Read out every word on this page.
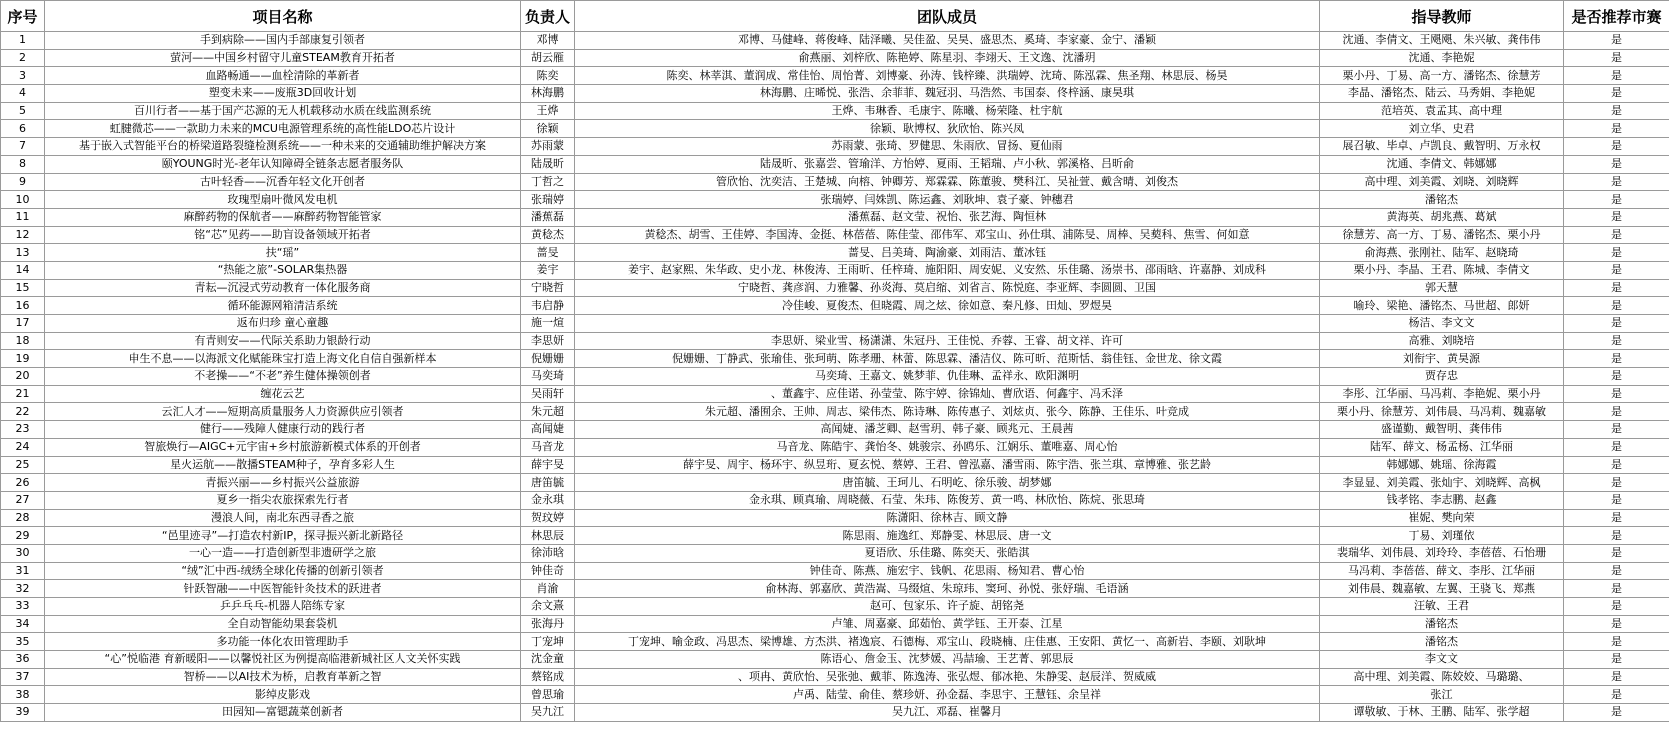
序号	项目名称	负责人	团队成员	指导教师	是否推荐市赛
1	手到病除——国内手部康复引领者	邓博	邓博、马健峰、蒋俊峰、陆泽曦、吴佳盈、吴昊、盛思杰、奚琦、李家豪、金宁、潘颖	沈通、李倩文、王飓飓、朱兴敏、龚伟伟	是
2	萤河——中国乡村留守儿童STEAM教育开拓者	胡云雁	俞燕丽、刘梓欣、陈艳婷、陈星羽、李翊天、王文逸、沈潘玥	沈通、李艳妮	是
3	血路畅通——血栓清除的革新者	陈奕	陈奕、林莘淇、董润成、常佳怡、周怡菁、刘博豪、孙涛、钱梓臻、洪瑞婷、沈琦、陈泓霖、焦圣翔、林思辰、杨昊	栗小丹、丁易、高一方、潘铭杰、徐慧芳	是
4	塑变未来——废瓶3D回收计划	林海鹏	林海鹏、庄晞悦、张浩、余菲菲、魏冠羽、马浩然、韦国泰、佟梓涵、康昊琪	李晶、潘铭杰、陆云、马秀娟、李艳妮	是
5	百川行者——基于国产芯源的无人机载移动水质在线监测系统	王烨	王烨、韦琳香、毛康宇、陈曦、杨荣隆、杜宇航	范培英、袁孟其、高中理	是
6	虹腱微芯——一款助力未来的MCU电源管理系统的高性能LDO芯片设计	徐颖	徐颖、耿博权、狄欣怡、陈兴凤	刘立华、史君	是
7	基于嵌入式智能平台的桥梁道路裂缝检测系统——一种未来的交通辅助维护解决方案	苏雨蒙	苏雨蒙、张琦、罗健思、朱雨欣、冒扬、夏仙雨	展召敏、毕卓、卢凯良、戴智明、万永权	是
8	颐YOUNG时光-老年认知障碍全链条志愿者服务队	陆晟昕	陆晟昕、张嘉尝、管瑜洋、方怡婷、夏雨、王韬瑞、卢小秋、郭溪格、吕昕俞	沈通、李倩文、韩娜娜	是
9	古叶轻香——沉香年轻文化开创者	丁哲之	管欣怡、沈奕洁、王楚城、向榕、钟卿芳、郑霖霖、陈董骏、樊科江、吴祉萱、戴含晴、刘俊杰	高中理、刘美霞、刘晓、刘晓辉	是
10	玫瑰型扇叶微风发电机	张瑞婷	张瑞婷、闫姝凯、陈运鑫、刘耿坤、袁子豪、钟穗君	潘铭杰	是
11	麻醉药物的保航者——麻醉药物智能管家	潘蕉磊	潘蕉磊、赵文莹、祝怡、张艺海、陶恒林	黄海英、胡兆燕、葛斌	是
12	铭“芯”见药——助盲设备领域开拓者	黄稔杰	黄稔杰、胡雪、王佳婷、李国涛、金挺、林蓓蓓、陈佳莹、邵伟军、邓宝山、孙仕琪、浦陈旻、周棒、吴葜科、焦雪、何如意	徐慧芳、高一方、丁易、潘铭杰、栗小丹	是
13	扶“瑶”	蔷旻	蔷旻、吕美琦、陶渝豪、刘雨洁、董冰钰	俞海燕、张刚社、陆军、赵晓琦	是
14	“热能之旅”-SOLAR集热器	姜宇	姜宇、赵家熙、朱华政、史小龙、林俊涛、王雨昕、任梓琦、施阳阳、周安妮、义安然、乐佳璐、汤崇书、邵雨晗、许嘉静、刘成科	栗小丹、李晶、王君、陈城、李倩文	是
15	青耘—沉浸式劳动教育一体化服务商	宁晓哲	宁晓哲、龚彦润、力雅馨、孙炎海、莫启缩、刘省言、陈悦庭、李亚辉、李圆圆、卫国	郭天慧	是
16	循环能源网箱清洁系统	韦启静	冷佳峻、夏俊杰、但晓霞、周之炫、徐如意、秦凡修、田灿、罗煜昊	喻玲、梁艳、潘铭杰、马世超、郎妍	是
17	返布归珍 童心童趣	施一煊		杨洁、李文文	是
18	有青则安——代际关系助力银龄行动	李思妍	李思妍、梁业雪、杨潇潇、朱冠丹、王佳悦、乔蓉、王睿、胡文祥、许可	高雅、刘晓培	是
19	申生不息——以海派文化赋能珠宝打造上海文化自信自强新样本	倪姗姗	倪姗姗、丁静武、张瑜佳、张珂萌、陈孝珊、林蕾、陈思霖、潘洁仪、陈可昕、范斯恬、翁佳钰、金世龙、徐文霞	刘衔宇、黄昊源	是
20	不老操——“不老”养生健体操领创者	马奕琦	马奕琦、王嘉文、姚梦菲、仇佳琳、孟祥永、欧阳渊明	贾存忠	是
21	缠花云艺	吴雨轩	、董鑫宇、应佳诺、孙莹莹、陈宇婷、徐锦灿、曹欣语、何鑫宇、冯禾泽	李彤、江华丽、马冯莉、李艳妮、栗小丹	是
22	云汇人才——短期高质量服务人力资源供应引领者	朱元超	朱元超、潘囿余、王帅、周志、梁伟杰、陈诗琳、陈传惠子、刘炫贞、张今、陈静、王佳乐、叶竞成	栗小丹、徐慧芳、刘伟晨、马冯莉、魏嘉敏	是
23	健行——残障人健康行动的践行者	高闻婕	高闻婕、潘芝卿、赵雪玥、韩子豪、顾兆元、王晨茜	盛谨勤、戴智明、龚伟伟	是
24	智旅焕行—AIGC+元宇宙+乡村旅游新模式体系的开创者	马音龙	马音龙、陈皓宇、龚怡冬、姚骏宗、孙鸥乐、江娴乐、董唯嘉、周心怡	陆军、薛文、杨孟杨、江华丽	是
25	星火运航——散播STEAM种子，孕育多彩人生	薛宇旻	薛宇旻、周宇、杨环宇、纵昱珩、夏玄悦、蔡婷、王君、曾泓嘉、潘雪雨、陈宇浩、张兰琪、章博雅、张艺龄	韩娜娜、姚瑶、徐海霞	是
26	青振兴丽——乡村振兴公益旅游	唐笛毓	唐笛毓、王珂儿、石明屹、徐乐骏、胡梦娜	李显显、刘美霞、张灿宇、刘晓辉、高枫	是
27	夏乡一指尖农旅探索先行者	金永琪	金永琪、顾真瑜、周晓薇、石莹、朱玮、陈俊芳、黄一鸣、林欣怡、陈烷、张思琦	钱孝铭、李志鹏、赵鑫	是
28	漫浪人间，南北东西寻香之旅	贺玟婷	陈潇阳、徐林吉、顾文静	崔妮、樊向荣	是
29	“邑里迹寻”—打造农村新IP，探寻振兴新北新路径	林思辰	陈思雨、施逸红、郑静雯、林思辰、唐一文	丁易、刘瑾依	是
30	一心一造——打造创新型非遗研学之旅	徐沛晗	夏语欣、乐佳璐、陈奕天、张皓淇	裴瑞华、刘伟晨、刘玲玲、李蓓蓓、石怡珊	是
31	“绒”汇中西-绒绣全球化传播的创新引领者	钟佳奇	钟佳奇、陈燕、施宏宇、钱帆、花思雨、杨知君、曹心怡	马冯莉、李蓓蓓、薛文、李彤、江华丽	是
32	针跃智融——中医智能针灸技术的跃进者	肖渝	俞林海、郭嘉欣、黄浩嵩、马缀煊、朱琼玮、窦珂、孙悦、张妤瑞、毛语涵	刘伟晨、魏嘉敏、左翼、王骁飞、郑燕	是
33	乒乒乓乓-机器人陪练专家	余文熹	赵可、包家乐、许子旋、胡铭尧	汪敏、王君	是
34	全自动智能幼果套袋机	张海丹	卢雏、周嘉豪、邱茹怡、黄学钰、王开泰、江星	潘铭杰	是
35	多功能一体化农田管理助手	丁宠坤	丁宠坤、喻金政、冯思杰、梁博雄、方杰洪、褚逸宸、石德梅、邓宝山、段晓楠、庄佳惠、王安阳、黄忆一、高新岩、李颐、刘耿坤	潘铭杰	是
36	“心”悦临港 育新暖阳——以馨悦社区为例提高临港新城社区人文关怀实践	沈金童	陈语心、詹金玉、沈梦媛、冯喆瑜、王艺菁、郭思辰	李文文	是
37	智桥——以AI技术为桥，启教育革新之智	蔡铭成	、项冉、黄欣怡、吴张弛、戴菲、陈逸涛、张弘煜、郁冰艳、朱静雯、赵辰洋、贺威威	高中理、刘美霞、陈姣姣、马璐璐、	是
38	影绰皮影戏	曾思瑜	卢禹、陆莹、俞佳、蔡珍妍、孙金磊、李思宇、王慧钰、余呈祥	张江	是
39	田园知—富锶蔬菜创新者	吴九江	吴九江、邓磊、崔馨月	谭敬敏、于林、王鹏、陆军、张学超	是
